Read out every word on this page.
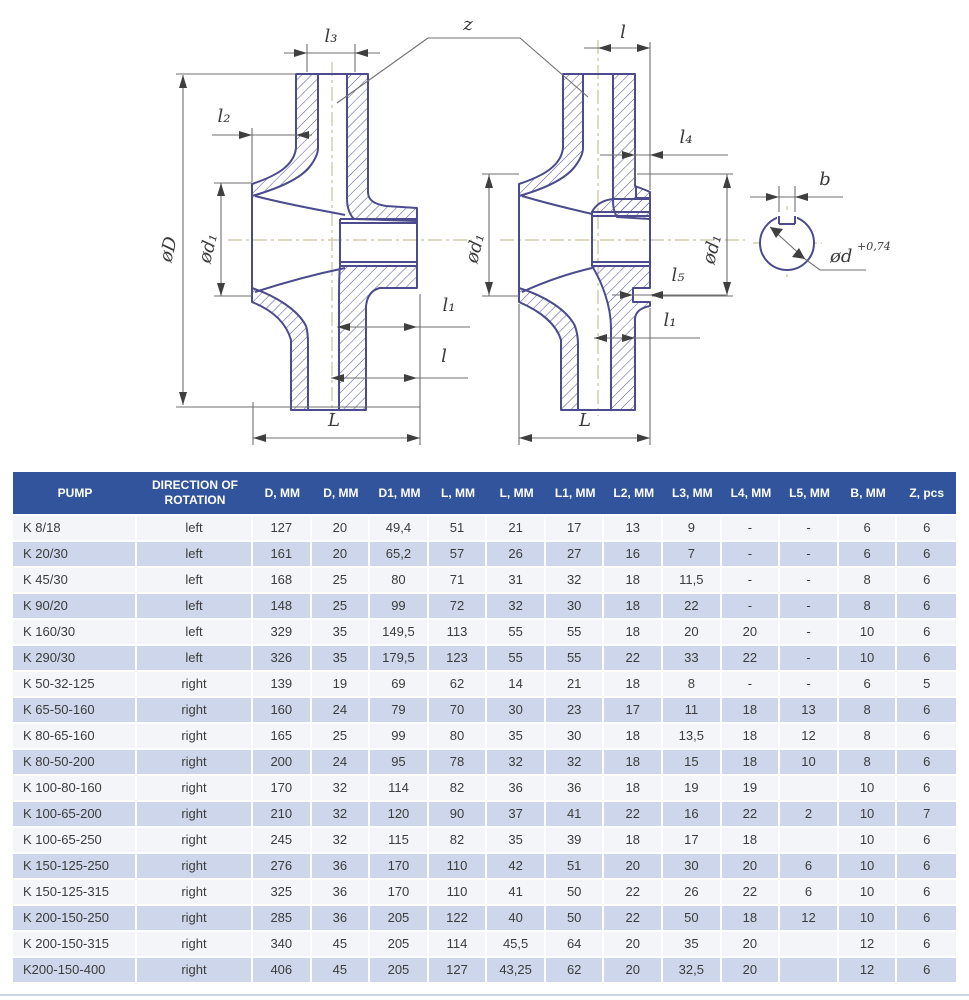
l₃
l₂
z
øD ød₁
l₁
l
L
l
l₄
ød₁	ød₁
l₅
l₁
L
b
ød +0,74
PUMP	DIRECTION OF ROTATION	D, MM	D, MM	D1, MM	L, MM	L, MM	L1, MM	L2, MM	L3, MM	L4, MM	L5, MM	B, MM	Z, pcs
K 8/18	left	127	20	49,4	51	21	17	13	9	-	-	6	6
K 20/30	left	161	20	65,2	57	26	27	16	7	-	-	6	6
K 45/30	left	168	25	80	71	31	32	18	11,5	-	-	8	6
K 90/20	left	148	25	99	72	32	30	18	22	-	-	8	6
K 160/30	left	329	35	149,5	113	55	55	18	20	20	-	10	6
K 290/30	left	326	35	179,5	123	55	55	22	33	22	-	10	6
K 50-32-125	right	139	19	69	62	14	21	18	8	-	-	6	5
K 65-50-160	right	160	24	79	70	30	23	17	11	18	13	8	6
K 80-65-160	right	165	25	99	80	35	30	18	13,5	18	12	8	6
K 80-50-200	right	200	24	95	78	32	32	18	15	18	10	8	6
K 100-80-160	right	170	32	114	82	36	36	18	19	19		10	6
K 100-65-200	right	210	32	120	90	37	41	22	16	22	2	10	7
K 100-65-250	right	245	32	115	82	35	39	18	17	18		10	6
K 150-125-250	right	276	36	170	110	42	51	20	30	20	6	10	6
K 150-125-315	right	325	36	170	110	41	50	22	26	22	6	10	6
K 200-150-250	right	285	36	205	122	40	50	22	50	18	12	10	6
K 200-150-315	right	340	45	205	114	45,5	64	20	35	20		12	6
K200-150-400	right	406	45	205	127	43,25	62	20	32,5	20		12	6
